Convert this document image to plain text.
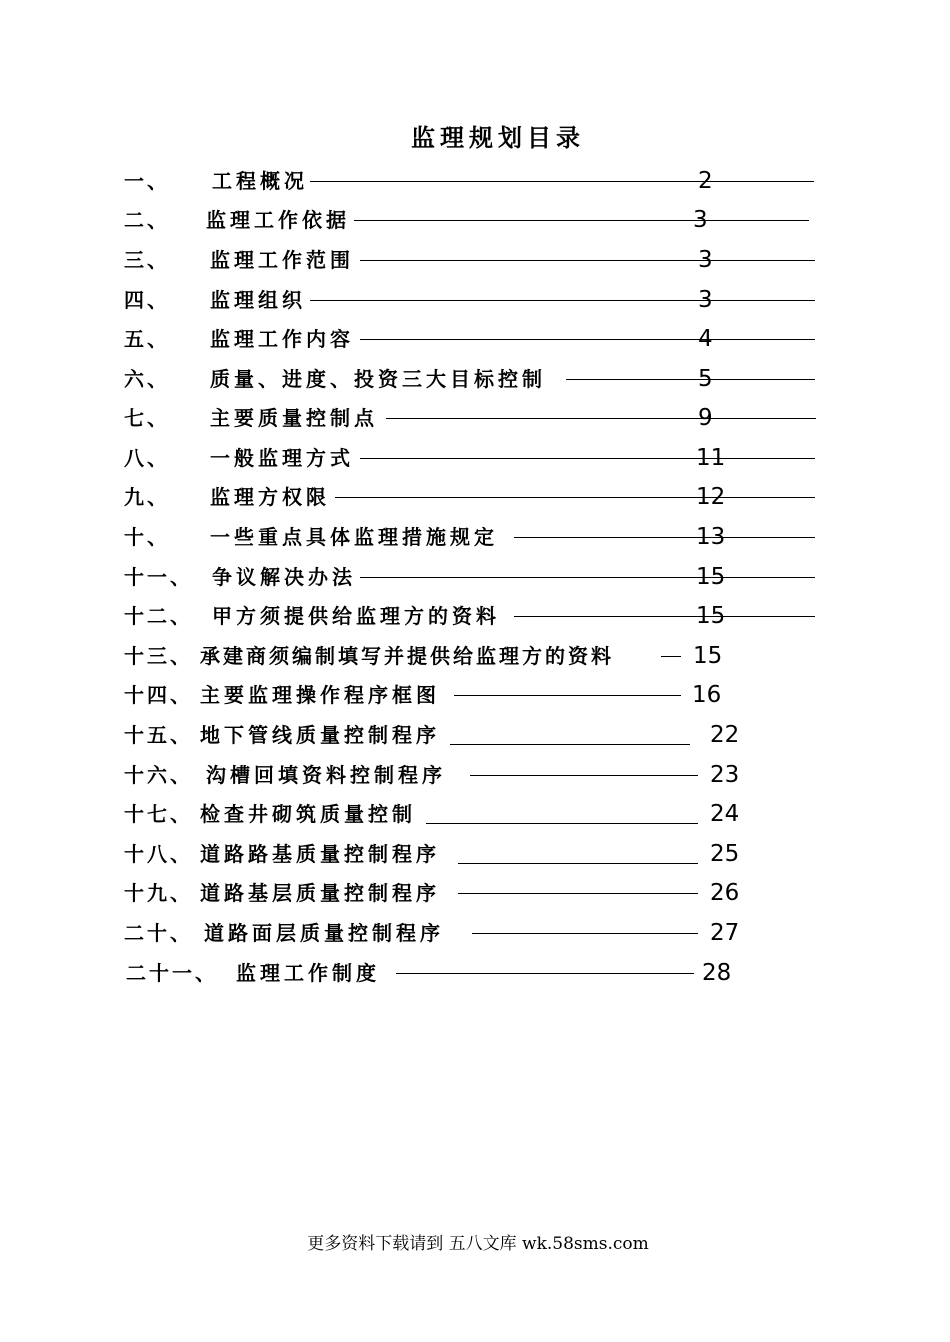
监理规划目录
一、 工程概况	2
二、 监理工作依据	3
三、 监理工作范围	3
四、 监理组织	3
五、 监理工作内容	4
六、 质量、进度、投资三大目标控制	5
七、 主要质量控制点	9
八、 一般监理方式	11
九、 监理方权限	12
十、 一些重点具体监理措施规定	13
十一、 争议解决办法	15
十二、 甲方须提供给监理方的资料	15
十三、 承建商须编制填写并提供给监理方的资料	15
十四、 主要监理操作程序框图	16
十五、 地下管线质量控制程序	22
十六、 沟槽回填资料控制程序	23
十七、 检查井砌筑质量控制	24
十八、 道路路基质量控制程序	25
十九、 道路基层质量控制程序	26
二十、 道路面层质量控制程序	27
二十一、 监理工作制度	28
更多资料下载请到 五八文库 wk.58sms.com
